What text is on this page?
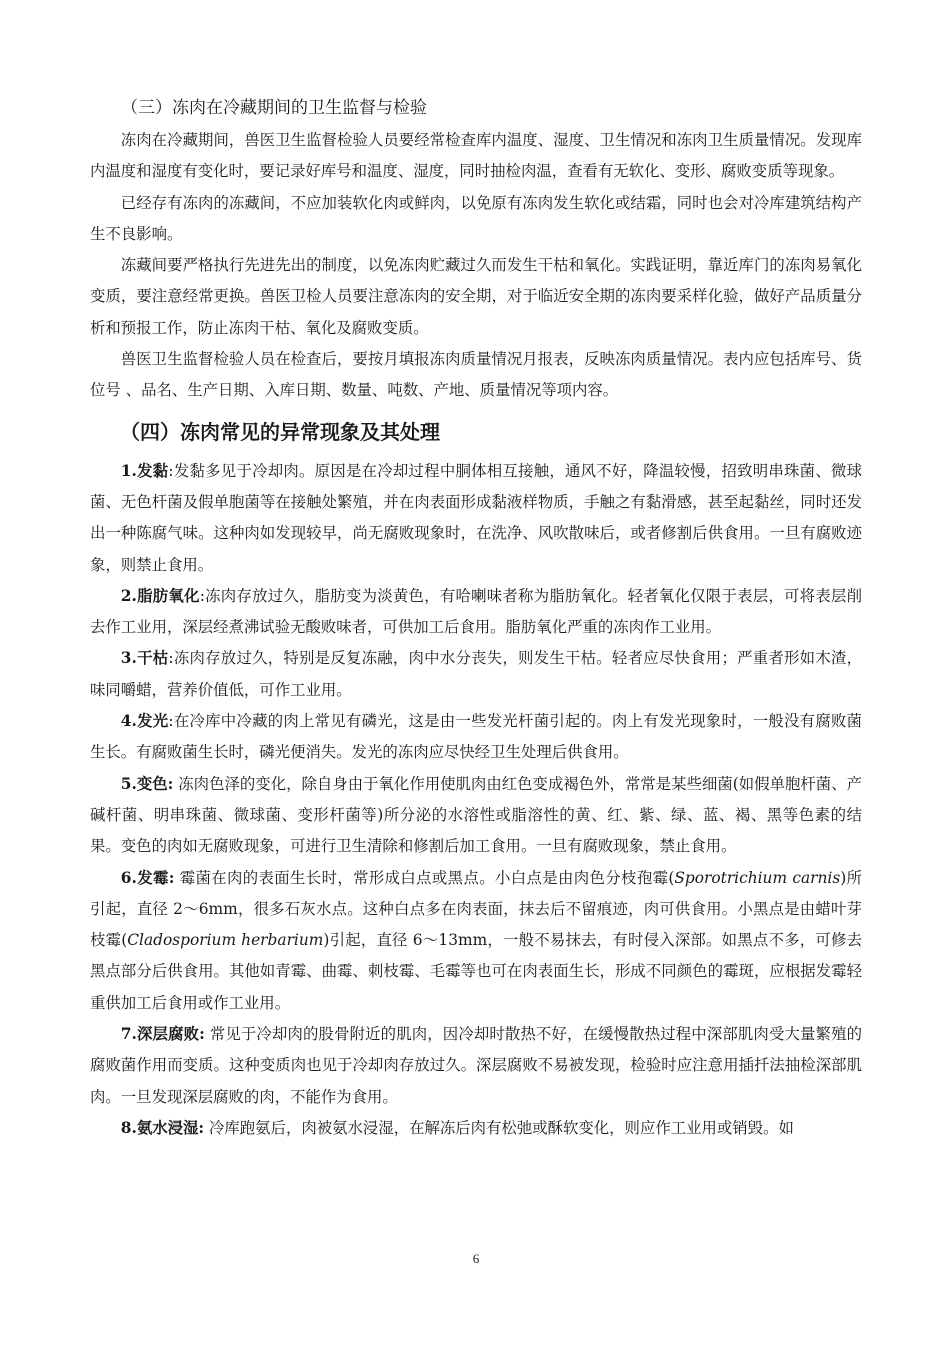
（三）冻肉在冷藏期间的卫生监督与检验

冻肉在冷藏期间，兽医卫生监督检验人员要经常检查库内温度、湿度、卫生情况和冻肉卫生质量情况。发现库内温度和湿度有变化时，要记录好库号和温度、湿度，同时抽检肉温，查看有无软化、变形、腐败变质等现象。

已经存有冻肉的冻藏间，不应加装软化肉或鲜肉，以免原有冻肉发生软化或结霜，同时也会对冷库建筑结构产生不良影响。

冻藏间要严格执行先进先出的制度，以免冻肉贮藏过久而发生干枯和氧化。实践证明，靠近库门的冻肉易氧化变质，要注意经常更换。兽医卫检人员要注意冻肉的安全期，对于临近安全期的冻肉要采样化验，做好产品质量分析和预报工作，防止冻肉干枯、氧化及腐败变质。

兽医卫生监督检验人员在检查后，要按月填报冻肉质量情况月报表，反映冻肉质量情况。表内应包括库号、货位号 、品名、生产日期、入库日期、数量、吨数、产地、质量情况等项内容。

（四）冻肉常见的异常现象及其处理

1.发黏:发黏多见于冷却肉。原因是在冷却过程中胴体相互接触，通风不好，降温较慢，招致明串珠菌、微球菌、无色杆菌及假单胞菌等在接触处繁殖，并在肉表面形成黏液样物质，手触之有黏滑感，甚至起黏丝，同时还发出一种陈腐气味。这种肉如发现较早，尚无腐败现象时，在洗净、风吹散味后，或者修割后供食用。一旦有腐败迹象，则禁止食用。

2.脂肪氧化:冻肉存放过久，脂肪变为淡黄色，有哈喇味者称为脂肪氧化。轻者氧化仅限于表层，可将表层削去作工业用，深层经煮沸试验无酸败味者，可供加工后食用。脂肪氧化严重的冻肉作工业用。

3.干枯:冻肉存放过久，特别是反复冻融，肉中水分丧失，则发生干枯。轻者应尽快食用；严重者形如木渣，味同嚼蜡，营养价值低，可作工业用。

4.发光:在冷库中冷藏的肉上常见有磷光，这是由一些发光杆菌引起的。肉上有发光现象时，一般没有腐败菌生长。有腐败菌生长时，磷光便消失。发光的冻肉应尽快经卫生处理后供食用。

5.变色: 冻肉色泽的变化，除自身由于氧化作用使肌肉由红色变成褐色外，常常是某些细菌(如假单胞杆菌、产碱杆菌、明串珠菌、微球菌、变形杆菌等)所分泌的水溶性或脂溶性的黄、红、紫、绿、蓝、褐、黑等色素的结果。变色的肉如无腐败现象，可进行卫生清除和修割后加工食用。一旦有腐败现象，禁止食用。

6.发霉: 霉菌在肉的表面生长时，常形成白点或黑点。小白点是由肉色分枝孢霉(Sporotrichium carnis)所引起，直径 2～6mm，很多石灰水点。这种白点多在肉表面，抹去后不留痕迹，肉可供食用。小黑点是由蜡叶芽枝霉(Cladosporium herbarium)引起，直径 6～13mm，一般不易抹去，有时侵入深部。如黑点不多，可修去黑点部分后供食用。其他如青霉、曲霉、刺枝霉、毛霉等也可在肉表面生长，形成不同颜色的霉斑，应根据发霉轻重供加工后食用或作工业用。

7.深层腐败: 常见于冷却肉的股骨附近的肌肉，因冷却时散热不好，在缓慢散热过程中深部肌肉受大量繁殖的腐败菌作用而变质。这种变质肉也见于冷却肉存放过久。深层腐败不易被发现，检验时应注意用插扦法抽检深部肌肉。一旦发现深层腐败的肉，不能作为食用。

8.氨水浸湿: 冷库跑氨后，肉被氨水浸湿，在解冻后肉有松弛或酥软变化，则应作工业用或销毁。如

6
